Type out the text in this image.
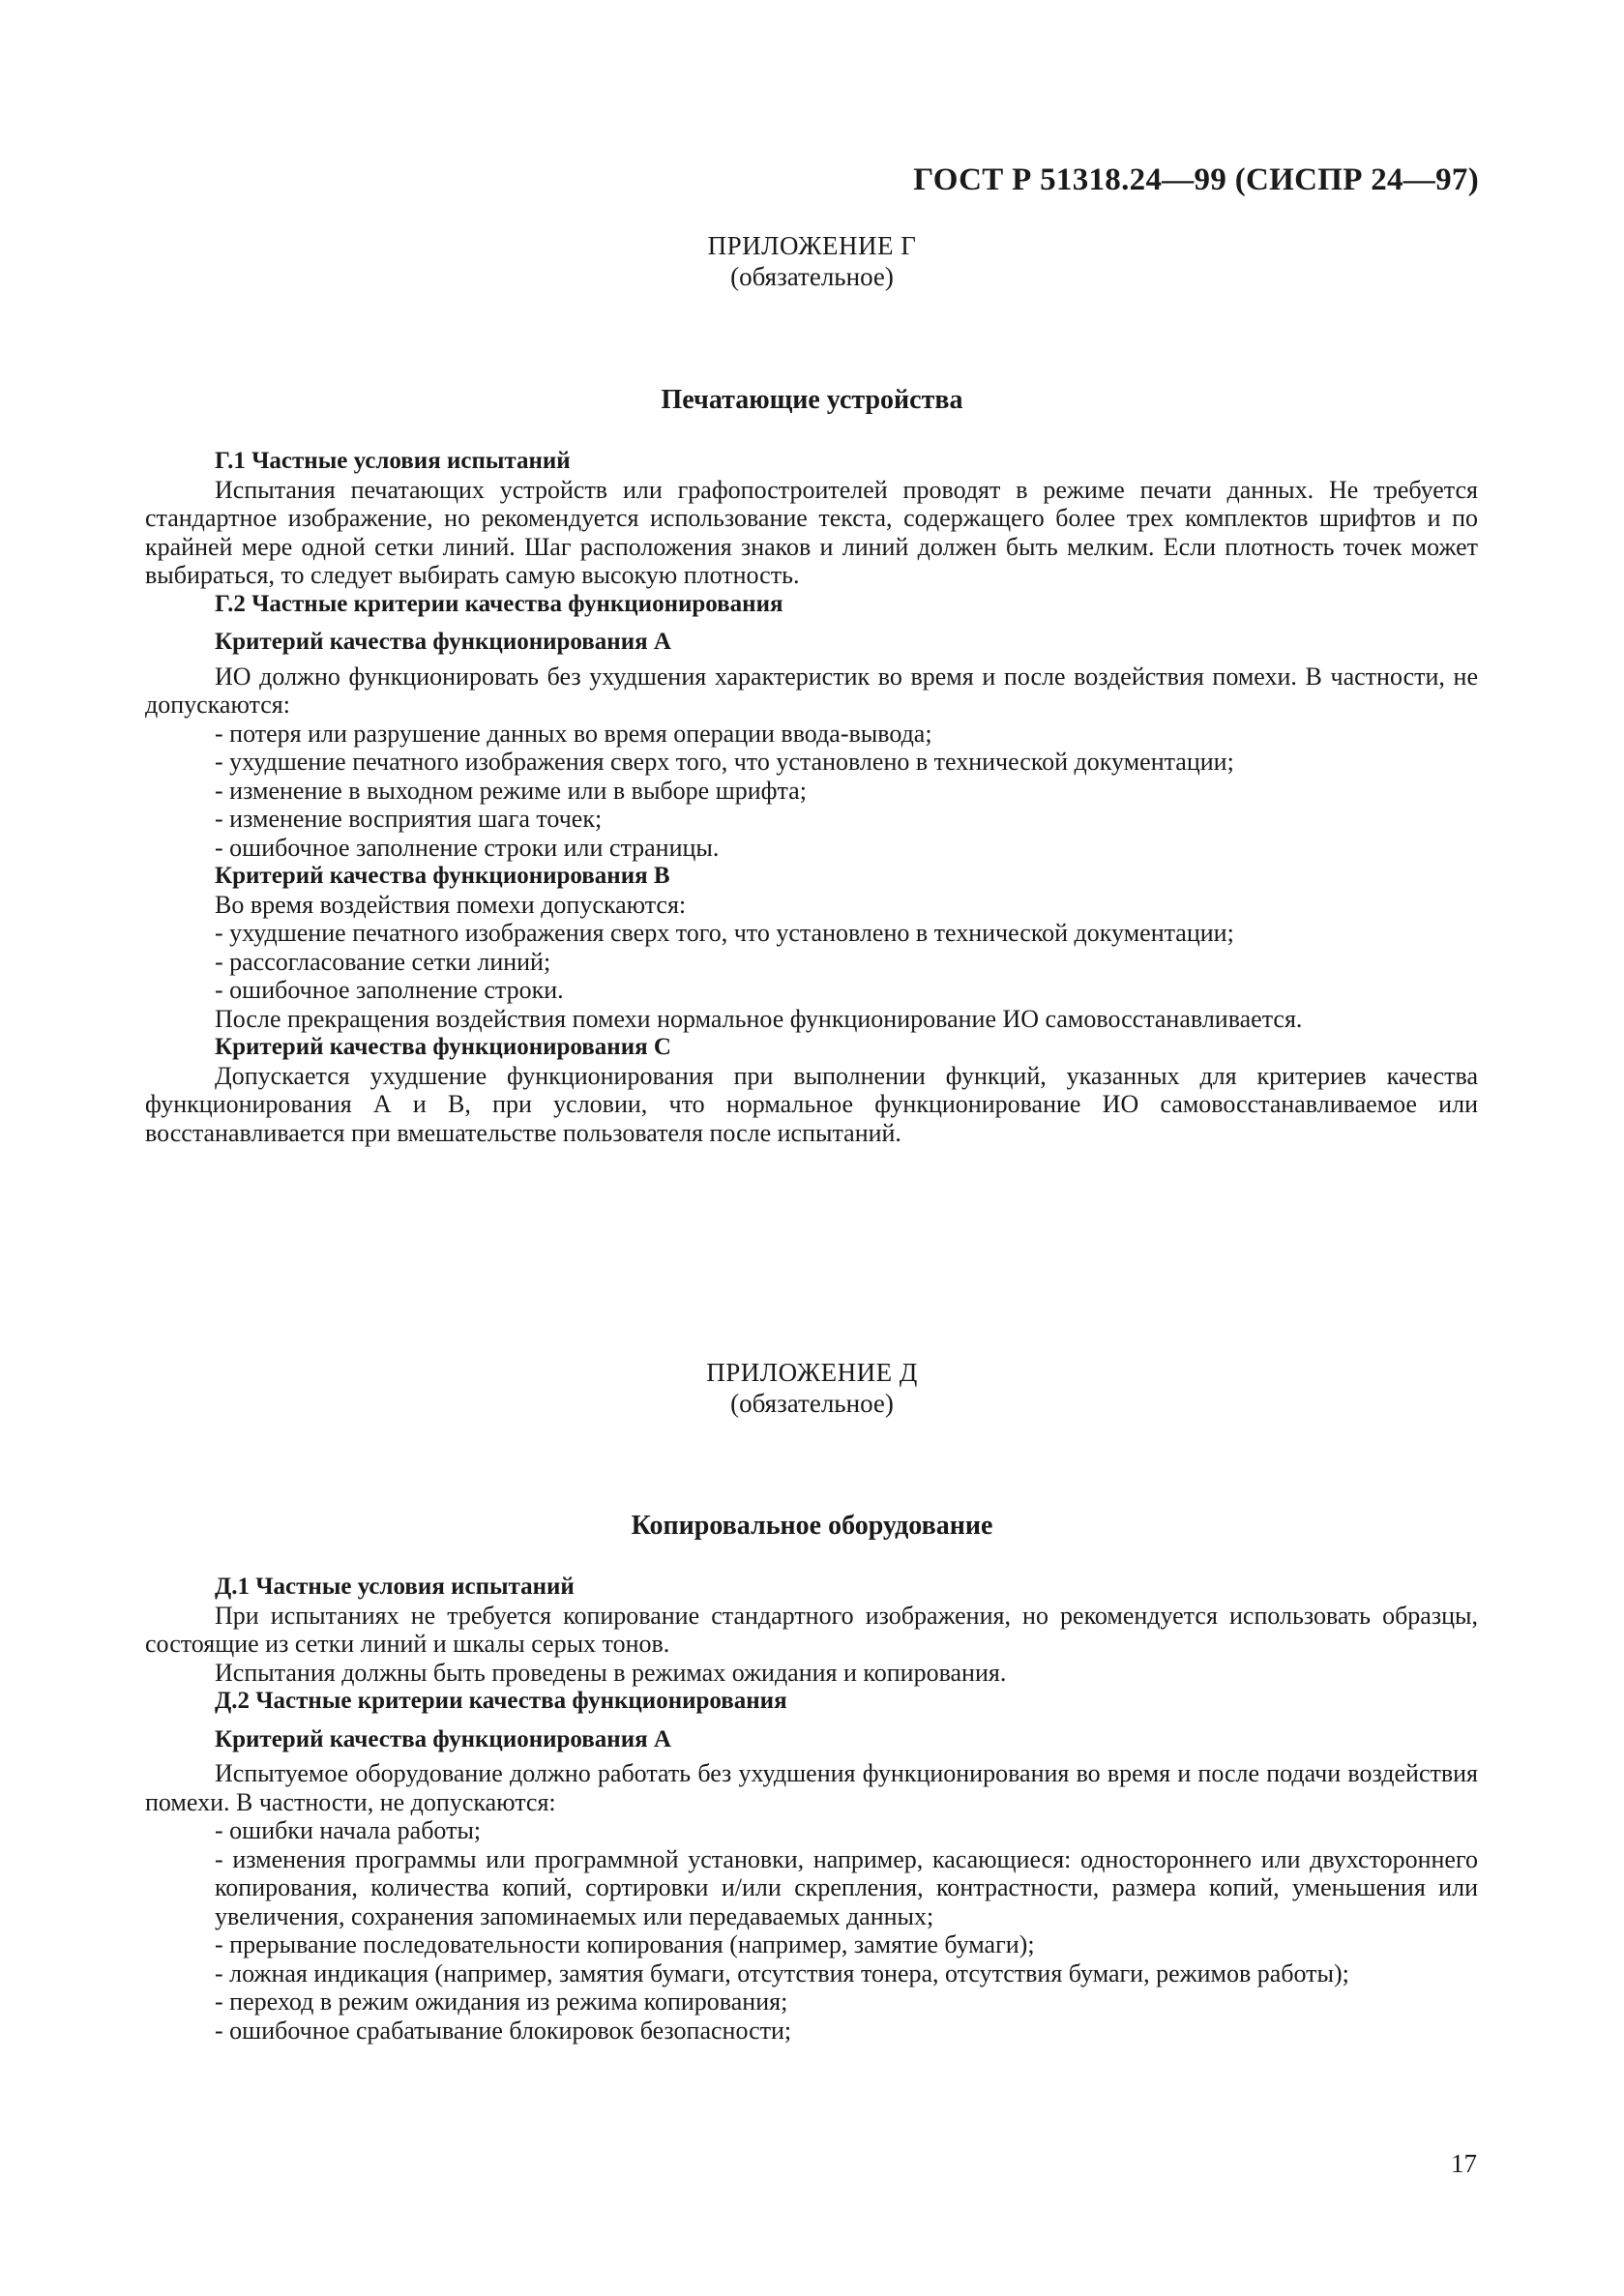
ГОСТ Р 51318.24—99 (СИСПР 24—97)
ПРИЛОЖЕНИЕ Г
(обязательное)
Печатающие устройства

Г.1 Частные условия испытаний

Испытания печатающих устройств или графопостроителей проводят в режиме печати данных. Не требуется стандартное изображение, но рекомендуется использование текста, содержащего более трех комплектов шрифтов и по крайней мере одной сетки линий. Шаг расположения знаков и линий должен быть мелким. Если плотность точек может выбираться, то следует выбирать самую высокую плотность.

Г.2 Частные критерии качества функционирования

Критерий качества функционирования А

ИО должно функционировать без ухудшения характеристик во время и после воздействия помехи. В частности, не допускаются:

- потеря или разрушение данных во время операции ввода-вывода;
- ухудшение печатного изображения сверх того, что установлено в технической документации;
- изменение в выходном режиме или в выборе шрифта;
- изменение восприятия шага точек;
- ошибочное заполнение строки или страницы.

Критерий качества функционирования В

Во время воздействия помехи допускаются:

- ухудшение печатного изображения сверх того, что установлено в технической документации;
- рассогласование сетки линий;
- ошибочное заполнение строки.

После прекращения воздействия помехи нормальное функционирование ИО самовосстанавливается.

Критерий качества функционирования С

Допускается ухудшение функционирования при выполнении функций, указанных для критериев качества функционирования А и В, при условии, что нормальное функционирование ИО самовосстанавливаемое или восстанавливается при вмешательстве пользователя после испытаний.

ПРИЛОЖЕНИЕ Д
(обязательное)
Копировальное оборудование

Д.1 Частные условия испытаний

При испытаниях не требуется копирование стандартного изображения, но рекомендуется использовать образцы, состоящие из сетки линий и шкалы серых тонов.

Испытания должны быть проведены в режимах ожидания и копирования.

Д.2 Частные критерии качества функционирования

Критерий качества функционирования А

Испытуемое оборудование должно работать без ухудшения функционирования во время и после подачи воздействия помехи. В частности, не допускаются:

- ошибки начала работы;
- изменения программы или программной установки, например, касающиеся: одностороннего или двухстороннего копирования, количества копий, сортировки и/или скрепления, контрастности, размера копий, уменьшения или увеличения, сохранения запоминаемых или передаваемых данных;
- прерывание последовательности копирования (например, замятие бумаги);
- ложная индикация (например, замятия бумаги, отсутствия тонера, отсутствия бумаги, режимов работы);
- переход в режим ожидания из режима копирования;
- ошибочное срабатывание блокировок безопасности;
17
